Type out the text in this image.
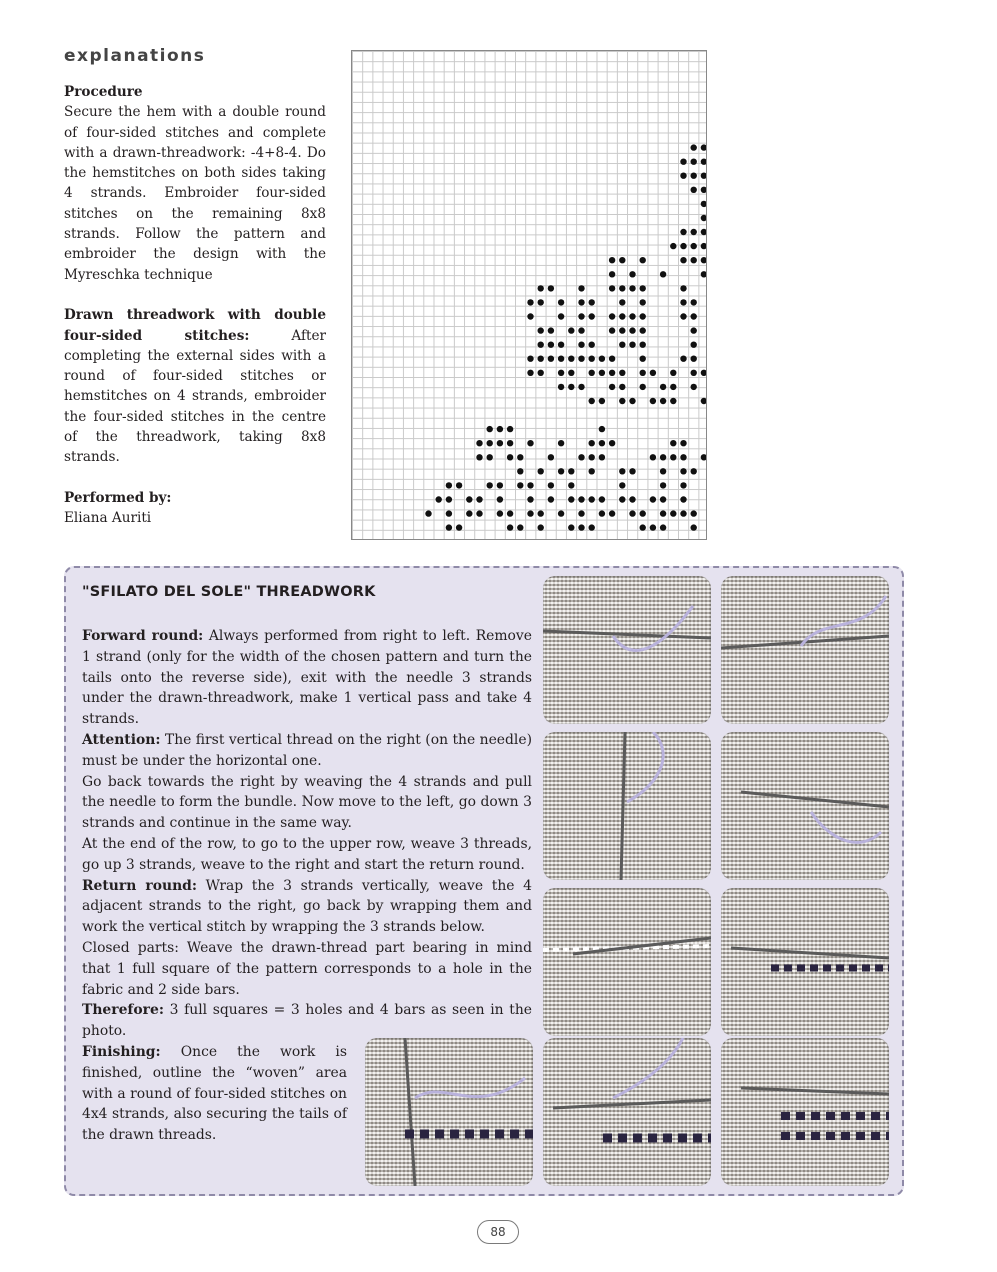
explanations

Procedure
Secure the hem with a double round of four-sided stitches and complete with a drawn-threadwork: -4+8-4. Do the hemstitches on both sides taking 4 strands. Embroider four-sided stitches on the remaining 8x8 strands. Follow the pattern and embroider the design with the Myreschka technique

Drawn threadwork with double four-sided stitches: After completing the external sides with a round of four-sided stitches or hemstitches on 4 strands, embroider the four-sided stitches in the centre of the threadwork, taking 8x8 strands.

Performed by:
Eliana Auriti

"SFILATO DEL SOLE" THREADWORK

Forward round: Always performed from right to left. Remove 1 strand (only for the width of the chosen pattern and turn the tails onto the reverse side), exit with the needle 3 strands under the drawn-threadwork, make 1 vertical pass and take 4 strands.

Attention: The first vertical thread on the right (on the needle) must be under the horizontal one.

Go back towards the right by weaving the 4 strands and pull the needle to form the bundle. Now move to the left, go down 3 strands and continue in the same way.

At the end of the row, to go to the upper row, weave 3 threads, go up 3 strands, weave to the right and start the return round.

Return round: Wrap the 3 strands vertically, weave the 4 adjacent strands to the right, go back by wrapping them and work the vertical stitch by wrapping the 3 strands below.

Closed parts: Weave the drawn-thread part bearing in mind that 1 full square of the pattern corresponds to a hole in the fabric and 2 side bars.

Therefore: 3 full squares = 3 holes and 4 bars as seen in the photo.

Finishing: Once the work is finished, outline the “woven” area with a round of four-sided stitches on 4x4 strands, also securing the tails of the drawn threads.

88
